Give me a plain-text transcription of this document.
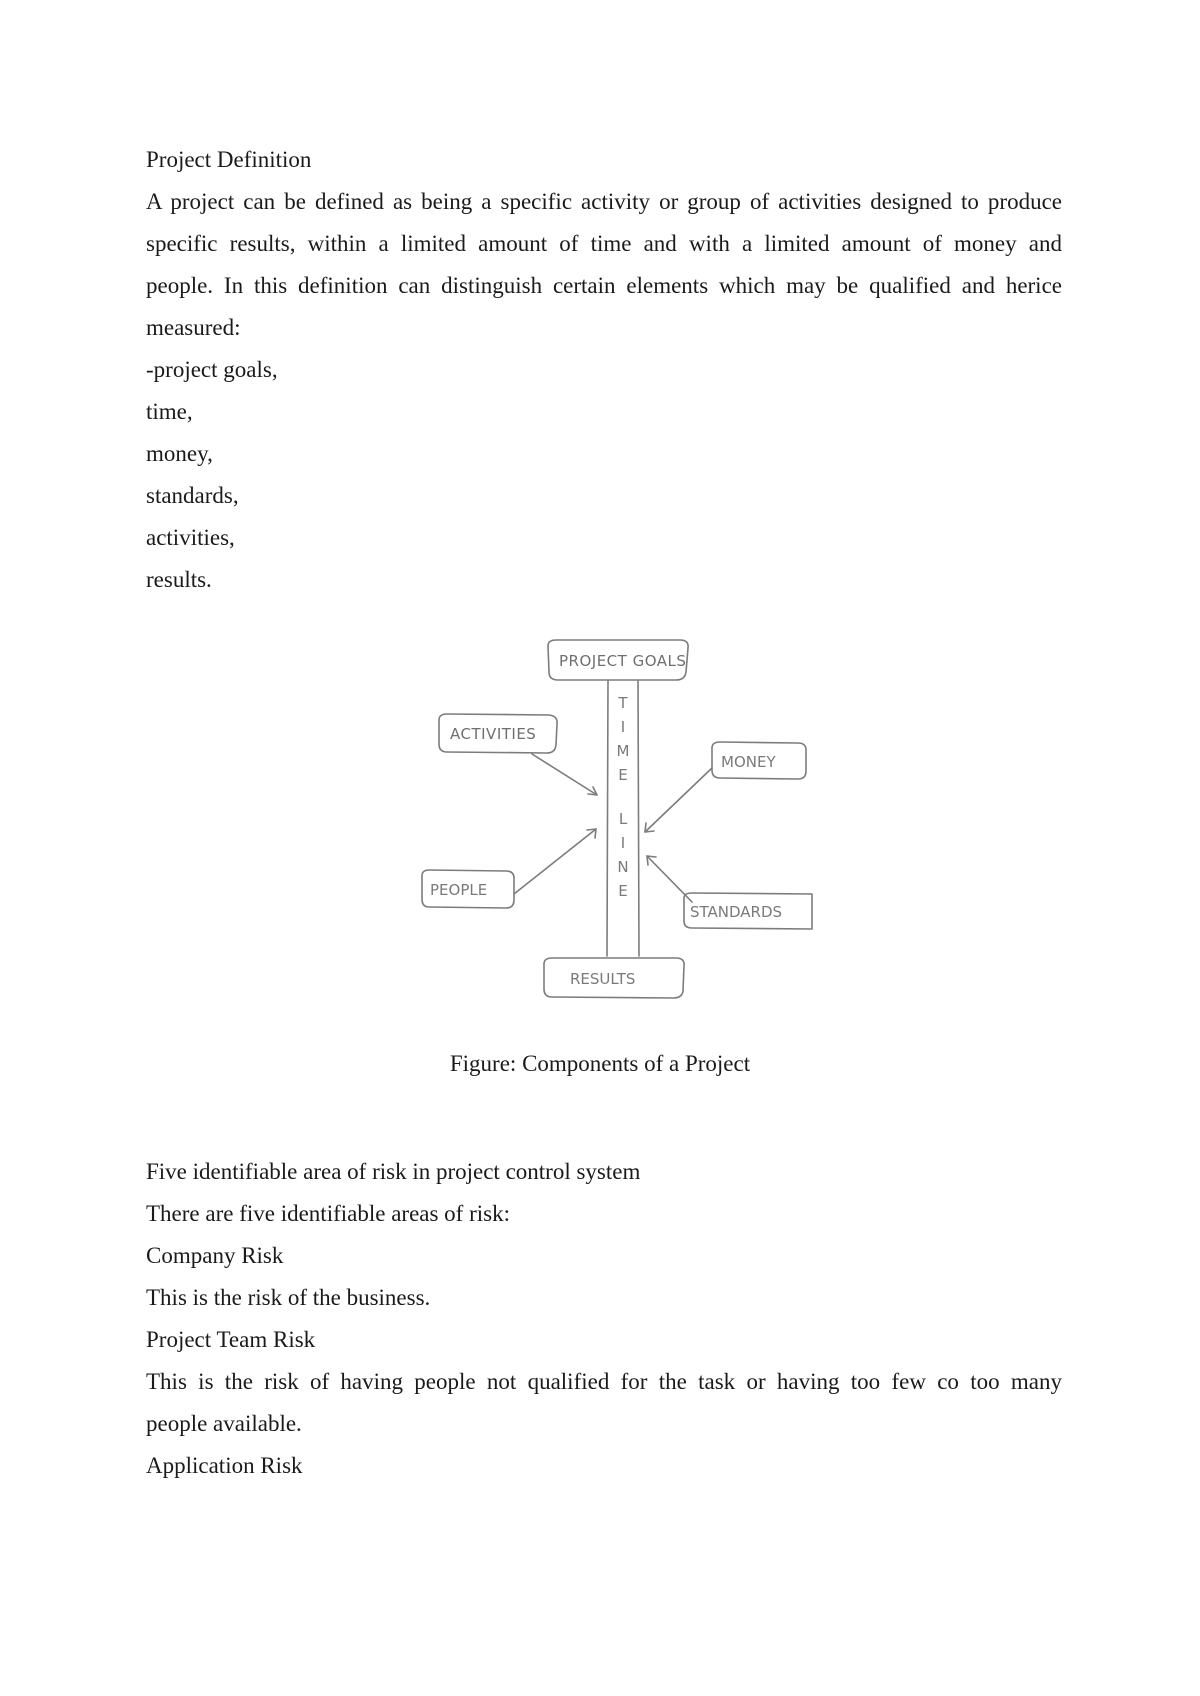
Project Definition

A project can be defined as being a specific activity or group of activities designed to produce

specific results, within a limited amount of time and with a limited amount of money and

people. In this definition can distinguish certain elements which may be qualified and herice

measured:

-project goals,

time,

money,

standards,

activities,

results.

Five identifiable area of risk in project control system

There are five identifiable areas of risk:

Company Risk

This is the risk of the business.

Project Team Risk

This is the risk of having people not qualified for the task or having too few co too many

people available.

Application Risk

PROJECT GOALS
ACTIVITIES
MONEY
PEOPLE
STANDARDS
RESULTS
T
I
M
E
L
I
N
E

Figure: Components of a Project
